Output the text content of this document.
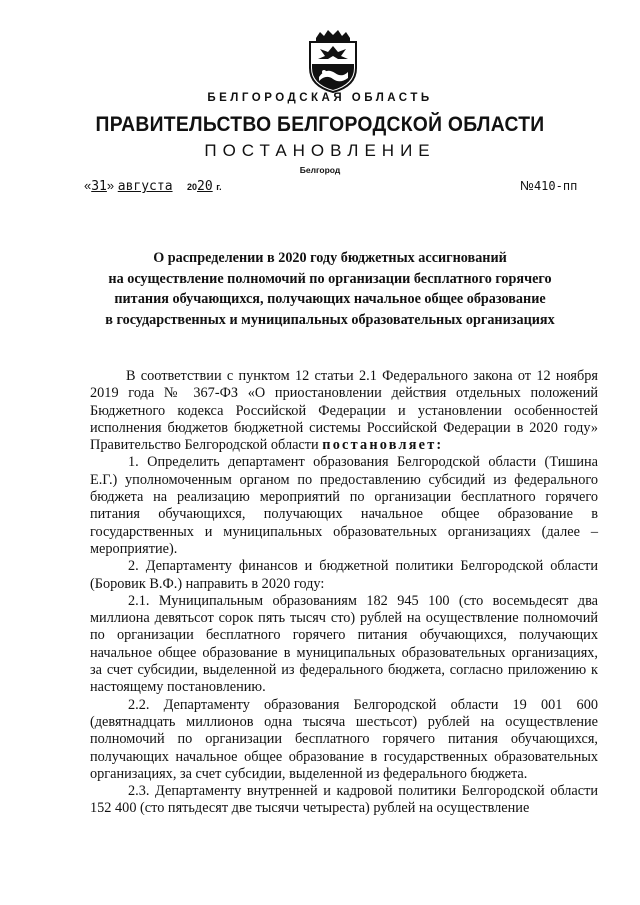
БЕЛГОРОДСКАЯ ОБЛАСТЬ
ПРАВИТЕЛЬСТВО БЕЛГОРОДСКОЙ ОБЛАСТИ
ПОСТАНОВЛЕНИЕ
Белгород
«31» августа 2020 г.	№410-пп
О распределении в 2020 году бюджетных ассигнований
на осуществление полномочий по организации бесплатного горячего
питания обучающихся, получающих начальное общее образование
в государственных и муниципальных образовательных организациях

В соответствии с пунктом 12 статьи 2.1 Федерального закона от 12 ноября 2019 года № 367-ФЗ «О приостановлении действия отдельных положений Бюджетного кодекса Российской Федерации и установлении особенностей исполнения бюджетов бюджетной системы Российской Федерации в 2020 году» Правительство Белгородской области постановляет:

1. Определить департамент образования Белгородской области (Тишина Е.Г.) уполномоченным органом по предоставлению субсидий из федерального бюджета на реализацию мероприятий по организации бесплатного горячего питания обучающихся, получающих начальное общее образование в государственных и муниципальных образовательных организациях (далее – мероприятие).

2. Департаменту финансов и бюджетной политики Белгородской области (Боровик В.Ф.) направить в 2020 году:

2.1. Муниципальным образованиям 182 945 100 (сто восемьдесят два миллиона девятьсот сорок пять тысяч сто) рублей на осуществление полномочий по организации бесплатного горячего питания обучающихся, получающих начальное общее образование в муниципальных образовательных организациях, за счет субсидии, выделенной из федерального бюджета, согласно приложению к настоящему постановлению.

2.2. Департаменту образования Белгородской области 19 001 600 (девятнадцать миллионов одна тысяча шестьсот) рублей на осуществление полномочий по организации бесплатного горячего питания обучающихся, получающих начальное общее образование в государственных образовательных организациях, за счет субсидии, выделенной из федерального бюджета.

2.3. Департаменту внутренней и кадровой политики Белгородской области 152 400 (сто пятьдесят две тысячи четыреста) рублей на осуществление
